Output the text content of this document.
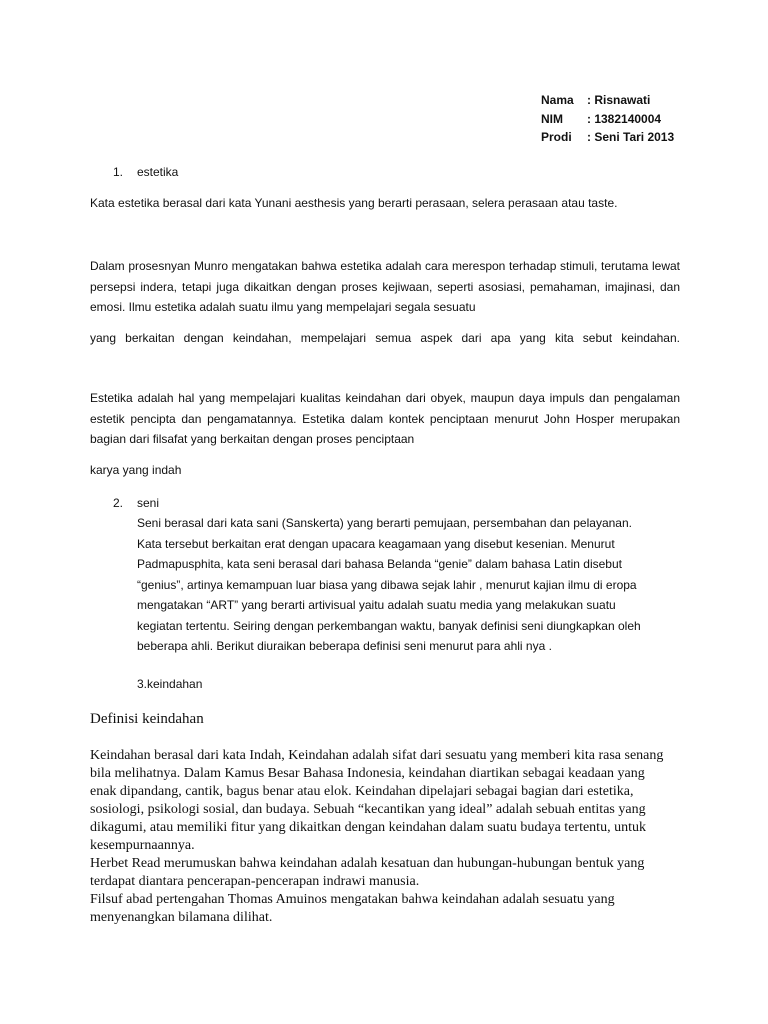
Nama	: Risnawati
NIM	: 1382140004
Prodi	: Seni Tari 2013
1. estetika

Kata estetika berasal dari kata Yunani aesthesis yang berarti perasaan, selera perasaan atau taste.

Dalam prosesnyan Munro mengatakan bahwa estetika adalah cara merespon terhadap stimuli, terutama lewat persepsi indera, tetapi juga dikaitkan dengan proses kejiwaan, seperti asosiasi, pemahaman, imajinasi, dan emosi. Ilmu estetika adalah suatu ilmu yang mempelajari segala sesuatu

yang berkaitan dengan keindahan, mempelajari semua aspek dari apa yang kita sebut keindahan.

Estetika adalah hal yang mempelajari kualitas keindahan dari obyek, maupun daya impuls dan pengalaman estetik pencipta dan pengamatannya. Estetika dalam kontek penciptaan menurut John Hosper merupakan bagian dari filsafat yang berkaitan dengan proses penciptaan

karya yang indah

2. seni

Seni berasal dari kata sani (Sanskerta) yang berarti pemujaan, persembahan dan pelayanan. Kata tersebut berkaitan erat dengan upacara keagamaan yang disebut kesenian. Menurut Padmapusphita, kata seni berasal dari bahasa Belanda “genie” dalam bahasa Latin disebut “genius”, artinya kemampuan luar biasa yang dibawa sejak lahir , menurut kajian ilmu di eropa mengatakan “ART” yang berarti artivisual yaitu adalah suatu media yang melakukan suatu kegiatan tertentu. Seiring dengan perkembangan waktu, banyak definisi seni diungkapkan oleh beberapa ahli. Berikut diuraikan beberapa definisi seni menurut para ahli nya .

3.keindahan
Definisi keindahan

Keindahan berasal dari kata Indah, Keindahan adalah sifat dari sesuatu yang memberi kita rasa senang bila melihatnya. Dalam Kamus Besar Bahasa Indonesia, keindahan diartikan sebagai keadaan yang enak dipandang, cantik, bagus benar atau elok. Keindahan dipelajari sebagai bagian dari estetika, sosiologi, psikologi sosial, dan budaya. Sebuah “kecantikan yang ideal” adalah sebuah entitas yang dikagumi, atau memiliki fitur yang dikaitkan dengan keindahan dalam suatu budaya tertentu, untuk kesempurnaannya.

Herbet Read merumuskan bahwa keindahan adalah kesatuan dan hubungan-hubungan bentuk yang terdapat diantara pencerapan-pencerapan indrawi manusia.

Filsuf abad pertengahan Thomas Amuinos mengatakan bahwa keindahan adalah sesuatu yang menyenangkan bilamana dilihat.
